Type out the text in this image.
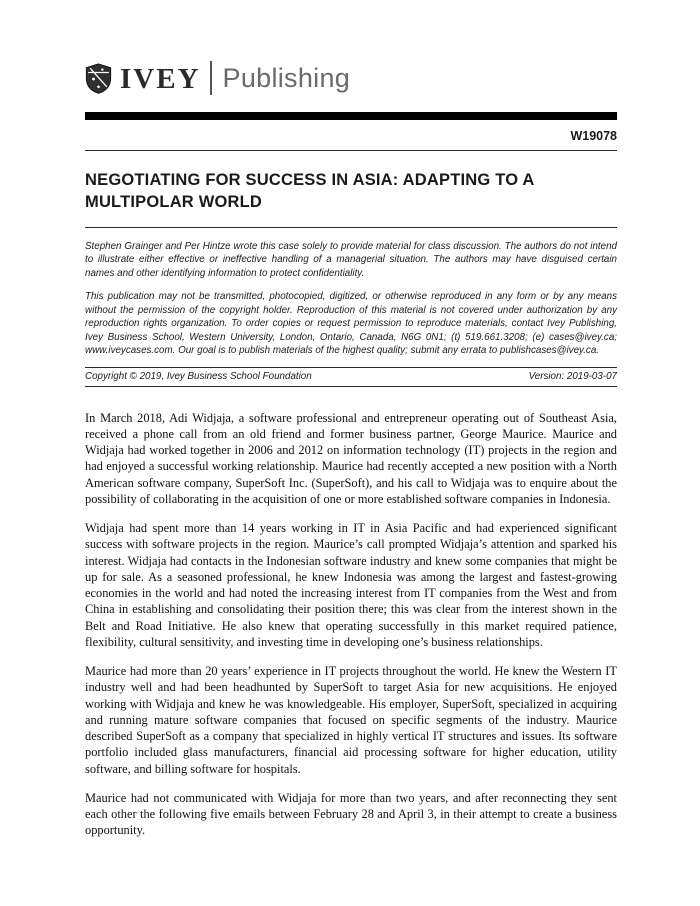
IVEY Publishing
W19078
NEGOTIATING FOR SUCCESS IN ASIA: ADAPTING TO A MULTIPOLAR WORLD

Stephen Grainger and Per Hintze wrote this case solely to provide material for class discussion. The authors do not intend to illustrate either effective or ineffective handling of a managerial situation. The authors may have disguised certain names and other identifying information to protect confidentiality.

This publication may not be transmitted, photocopied, digitized, or otherwise reproduced in any form or by any means without the permission of the copyright holder. Reproduction of this material is not covered under authorization by any reproduction rights organization. To order copies or request permission to reproduce materials, contact Ivey Publishing, Ivey Business School, Western University, London, Ontario, Canada, N6G 0N1; (t) 519.661.3208; (e) cases@ivey.ca; www.iveycases.com. Our goal is to publish materials of the highest quality; submit any errata to publishcases@ivey.ca.

Copyright © 2019, Ivey Business School Foundation	Version: 2019-03-07

In March 2018, Adi Widjaja, a software professional and entrepreneur operating out of Southeast Asia, received a phone call from an old friend and former business partner, George Maurice. Maurice and Widjaja had worked together in 2006 and 2012 on information technology (IT) projects in the region and had enjoyed a successful working relationship. Maurice had recently accepted a new position with a North American software company, SuperSoft Inc. (SuperSoft), and his call to Widjaja was to enquire about the possibility of collaborating in the acquisition of one or more established software companies in Indonesia.

Widjaja had spent more than 14 years working in IT in Asia Pacific and had experienced significant success with software projects in the region. Maurice’s call prompted Widjaja’s attention and sparked his interest. Widjaja had contacts in the Indonesian software industry and knew some companies that might be up for sale. As a seasoned professional, he knew Indonesia was among the largest and fastest-growing economies in the world and had noted the increasing interest from IT companies from the West and from China in establishing and consolidating their position there; this was clear from the interest shown in the Belt and Road Initiative. He also knew that operating successfully in this market required patience, flexibility, cultural sensitivity, and investing time in developing one’s business relationships.

Maurice had more than 20 years’ experience in IT projects throughout the world. He knew the Western IT industry well and had been headhunted by SuperSoft to target Asia for new acquisitions. He enjoyed working with Widjaja and knew he was knowledgeable. His employer, SuperSoft, specialized in acquiring and running mature software companies that focused on specific segments of the industry. Maurice described SuperSoft as a company that specialized in highly vertical IT structures and issues. Its software portfolio included glass manufacturers, financial aid processing software for higher education, utility software, and billing software for hospitals.

Maurice had not communicated with Widjaja for more than two years, and after reconnecting they sent each other the following five emails between February 28 and April 3, in their attempt to create a business opportunity.
